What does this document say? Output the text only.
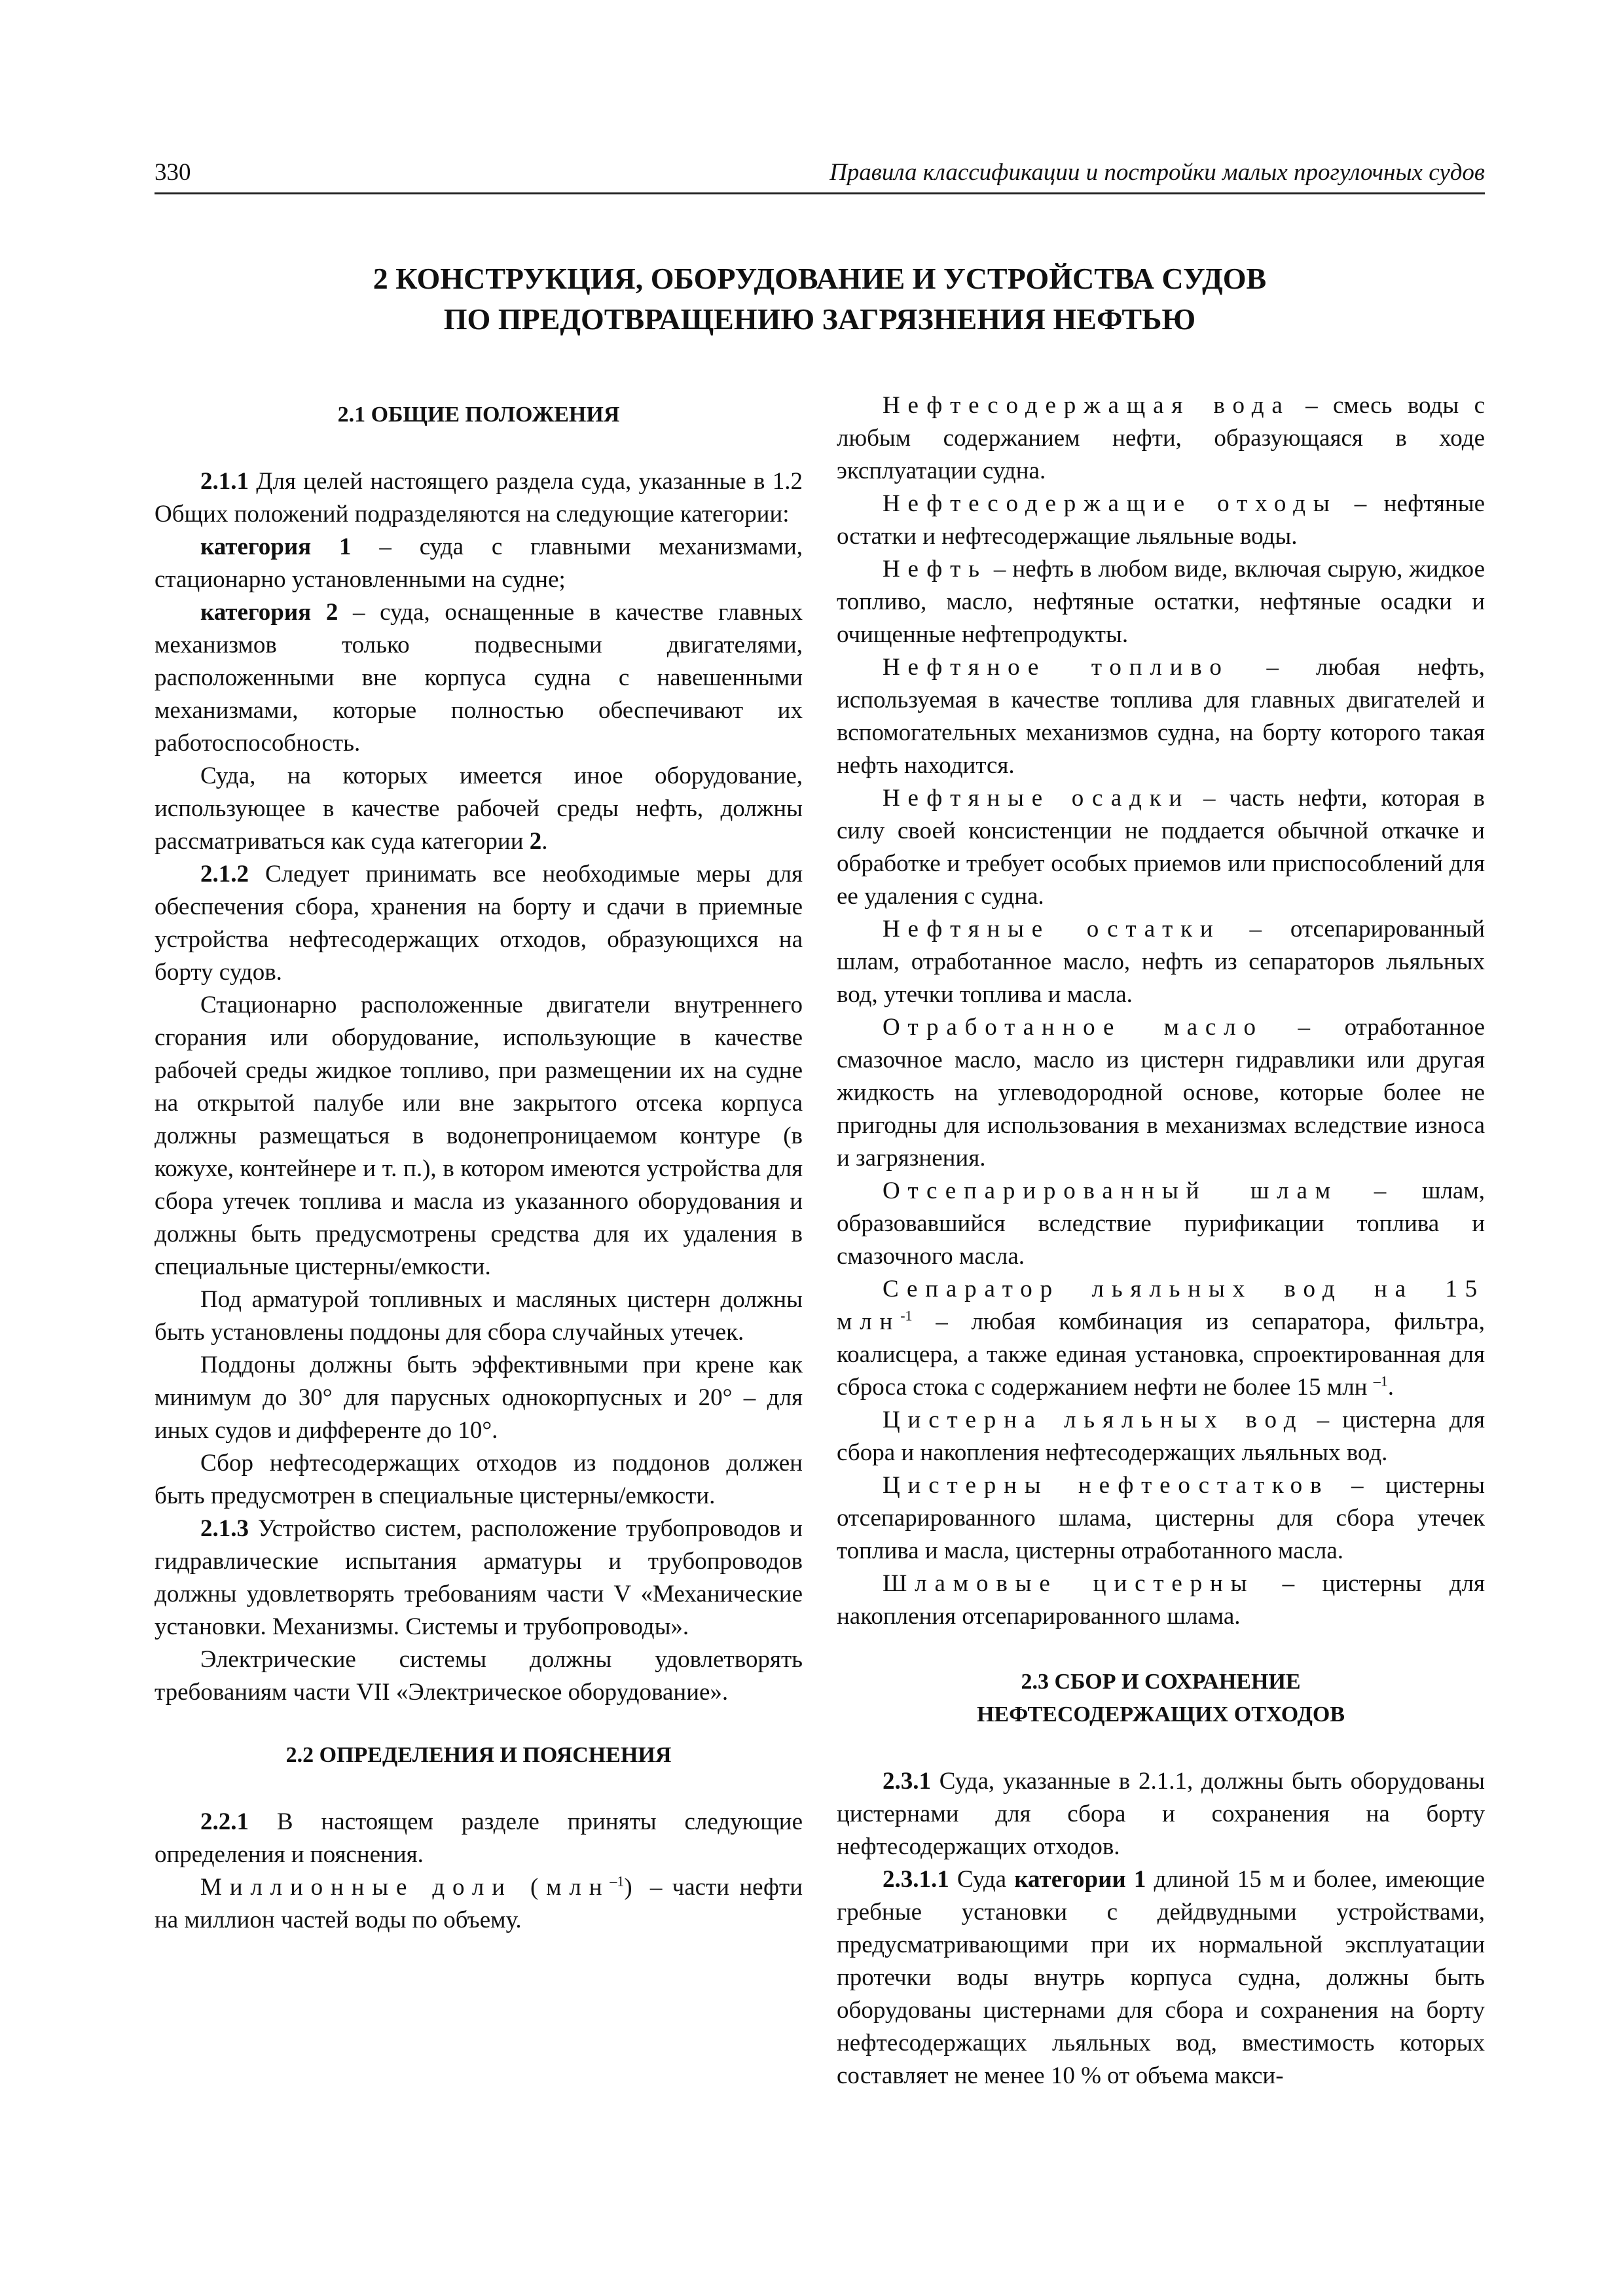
330	Правила классификации и постройки малых прогулочных судов
2 КОНСТРУКЦИЯ, ОБОРУДОВАНИЕ И УСТРОЙСТВА СУДОВ
ПО ПРЕДОТВРАЩЕНИЮ ЗАГРЯЗНЕНИЯ НЕФТЬЮ
2.1 ОБЩИЕ ПОЛОЖЕНИЯ

2.1.1 Для целей настоящего раздела суда, указанные в 1.2 Общих положений подразделяются на следующие категории:

категория 1 – суда с главными механизмами, стационарно установленными на судне;

категория 2 – суда, оснащенные в качестве главных механизмов только подвесными двигателями, расположенными вне корпуса судна с навешенными механизмами, которые полностью обеспечивают их работоспособность.

Суда, на которых имеется иное оборудование, использующее в качестве рабочей среды нефть, должны рассматриваться как суда категории 2.

2.1.2 Следует принимать все необходимые меры для обеспечения сбора, хранения на борту и сдачи в приемные устройства нефтесодержащих отходов, образующихся на борту судов.

Стационарно расположенные двигатели внутреннего сгорания или оборудование, использующие в качестве рабочей среды жидкое топливо, при размещении их на судне на открытой палубе или вне закрытого отсека корпуса должны размещаться в водонепроницаемом контуре (в кожухе, контейнере и т. п.), в котором имеются устройства для сбора утечек топлива и масла из указанного оборудования и должны быть предусмотрены средства для их удаления в специальные цистерны/емкости.

Под арматурой топливных и масляных цистерн должны быть установлены поддоны для сбора случайных утечек.

Поддоны должны быть эффективными при крене как минимум до 30° для парусных однокорпусных и 20° – для иных судов и дифференте до 10°.

Сбор нефтесодержащих отходов из поддонов должен быть предусмотрен в специальные цистерны/емкости.

2.1.3 Устройство систем, расположение трубопроводов и гидравлические испытания арматуры и трубопроводов должны удовлетворять требованиям части V «Механические установки. Механизмы. Системы и трубопроводы».

Электрические системы должны удовлетворять требованиям части VII «Электрическое оборудование».

2.2 ОПРЕДЕЛЕНИЯ И ПОЯСНЕНИЯ

2.2.1 В настоящем разделе приняты следующие определения и пояснения.

Миллионные доли (млн$^{-1}$) – части нефти на миллион частей воды по объему.

Нефтесодержащая вода – смесь воды с любым содержанием нефти, образующаяся в ходе эксплуатации судна.

Нефтесодержащие отходы – нефтяные остатки и нефтесодержащие льяльные воды.

Нефть – нефть в любом виде, включая сырую, жидкое топливо, масло, нефтяные остатки, нефтяные осадки и очищенные нефтепродукты.

Нефтяное топливо – любая нефть, используемая в качестве топлива для главных двигателей и вспомогательных механизмов судна, на борту которого такая нефть находится.

Нефтяные осадки – часть нефти, которая в силу своей консистенции не поддается обычной откачке и обработке и требует особых приемов или приспособлений для ее удаления с судна.

Нефтяные остатки – отсепарированный шлам, отработанное масло, нефть из сепараторов льяльных вод, утечки топлива и масла.

Отработанное масло – отработанное смазочное масло, масло из цистерн гидравлики или другая жидкость на углеводородной основе, которые более не пригодны для использования в механизмах вследствие износа и загрязнения.

Отсепарированный шлам – шлам, образовавшийся вследствие пурификации топлива и смазочного масла.

Сепаратор льяльных вод на 15 млн$^{-1}$ – любая комбинация из сепаратора, фильтра, коалисцера, а также единая установка, спроектированная для сброса стока с содержанием нефти не более 15 млн $^{-1}$.

Цистерна льяльных вод – цистерна для сбора и накопления нефтесодержащих льяльных вод.

Цистерны нефтеостатков – цистерны отсепарированного шлама, цистерны для сбора утечек топлива и масла, цистерны отработанного масла.

Шламовые цистерны – цистерны для накопления отсепарированного шлама.

2.3 СБОР И СОХРАНЕНИЕ
НЕФТЕСОДЕРЖАЩИХ ОТХОДОВ

2.3.1 Суда, указанные в 2.1.1, должны быть оборудованы цистернами для сбора и сохранения на борту нефтесодержащих отходов.

2.3.1.1 Суда категории 1 длиной 15 м и более, имеющие гребные установки с дейдвудными устройствами, предусматривающими при их нормальной эксплуатации протечки воды внутрь корпуса судна, должны быть оборудованы цистернами для сбора и сохранения на борту нефтесодержащих льяльных вод, вместимость которых составляет не менее 10 % от объема макси-
